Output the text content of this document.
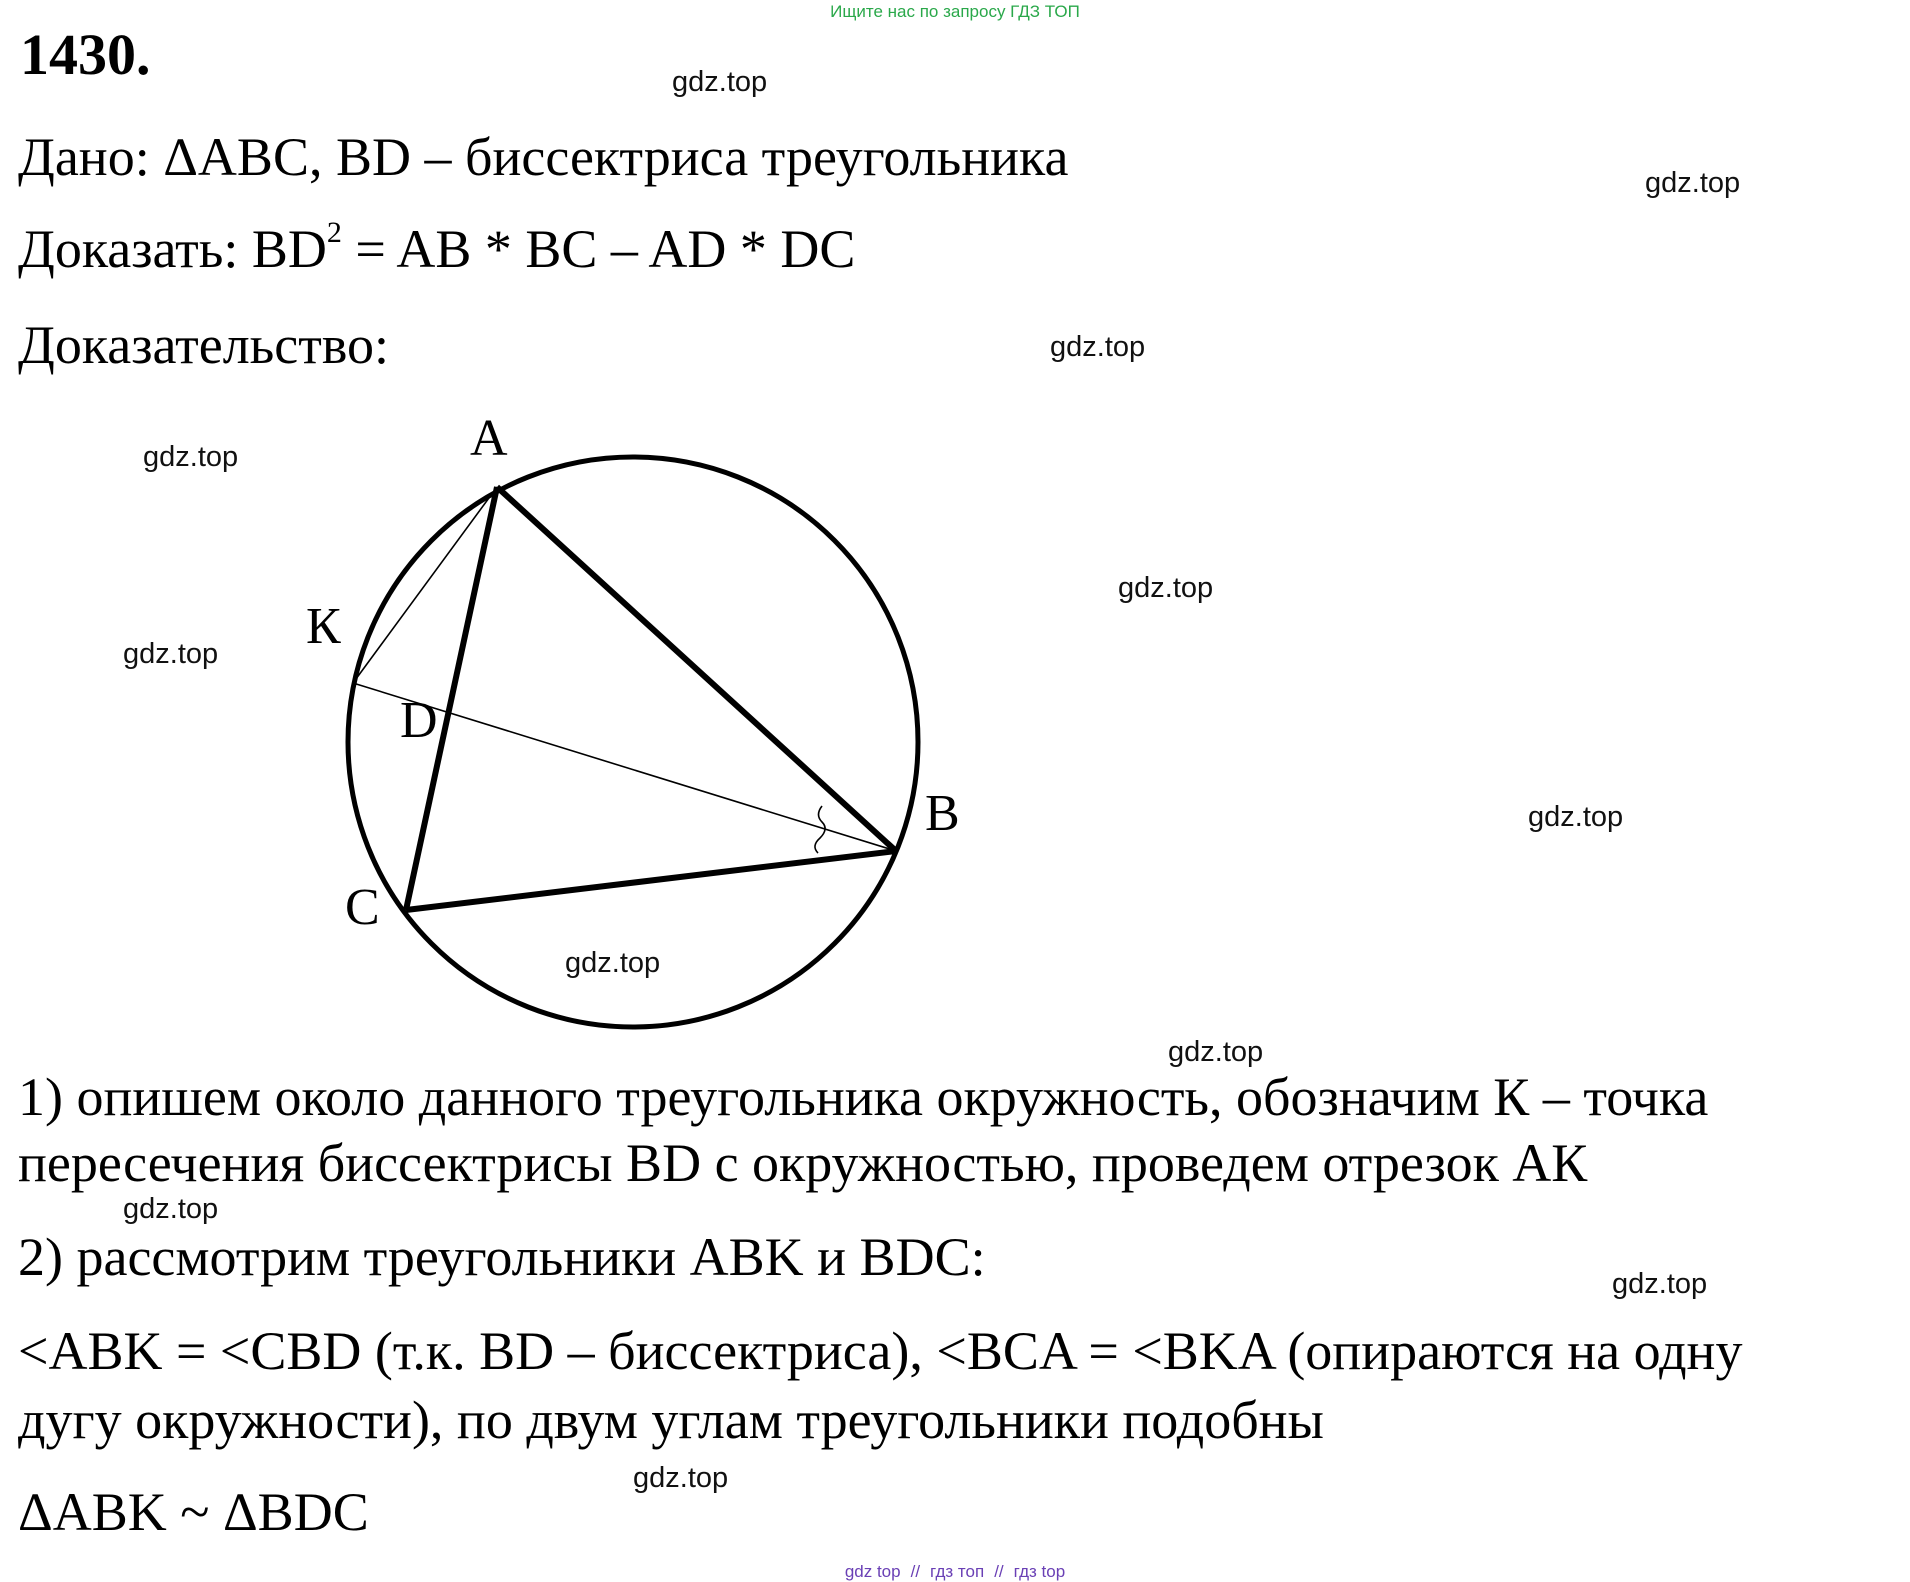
Ищите нас по запросу ГДЗ ТОП
1430.
Дано: ΔABC, BD – биссектриса треугольника
Доказать: $BD^2$ = AB * BC – AD * DC
Доказательство:
A
B
C
D
К
1) опишем около данного треугольника окружность, обозначим К – точка
пересечения биссектрисы BD с окружностью, проведем отрезок АК
2) рассмотрим треугольники ABK и BDC:
<ABK = <CBD (т.к. BD – биссектриса), <BCA = <BKA (опираются на одну
дугу окружности), по двум углам треугольники подобны
ΔABK ~ ΔBDC
gdz.top
gdz.top
gdz.top
gdz.top
gdz.top
gdz.top
gdz.top
gdz.top
gdz.top
gdz.top
gdz.top
gdz.top
gdz top // гдз топ // гдз top
